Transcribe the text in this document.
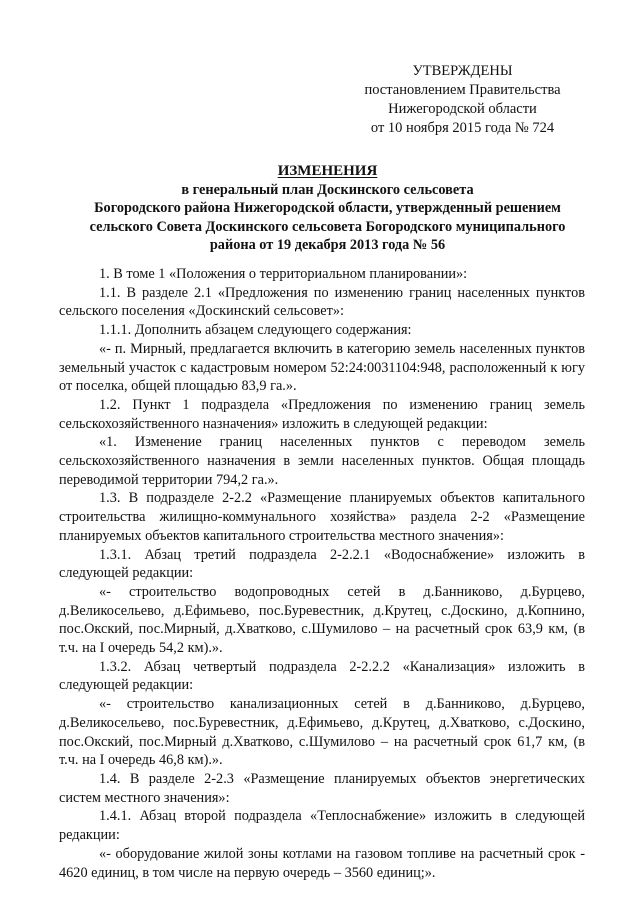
УТВЕРЖДЕНЫ
постановлением Правительства
Нижегородской области
от 10 ноября 2015 года № 724
ИЗМЕНЕНИЯ
в генеральный план Доскинского сельсовета
Богородского района Нижегородской области, утвержденный решением
сельского Совета Доскинского сельсовета Богородского муниципального
района от 19 декабря 2013 года № 56

1. В томе 1 «Положения о территориальном планировании»:

1.1. В разделе 2.1 «Предложения по изменению границ населенных пунктов сельского поселения «Доскинский сельсовет»:

1.1.1. Дополнить абзацем следующего содержания:

«- п. Мирный, предлагается включить в категорию земель населенных пунктов земельный участок с кадастровым номером 52:24:0031104:948, расположенный к югу от поселка, общей площадью 83,9 га.».

1.2. Пункт 1 подраздела «Предложения по изменению границ земель сельскохозяйственного назначения» изложить в следующей редакции:

«1. Изменение границ населенных пунктов с переводом земель сельскохозяйственного назначения в земли населенных пунктов. Общая площадь переводимой территории 794,2 га.».

1.3. В подразделе 2-2.2 «Размещение планируемых объектов капитального строительства жилищно-коммунального хозяйства» раздела 2-2 «Размещение планируемых объектов капитального строительства местного значения»:

1.3.1. Абзац третий подраздела 2-2.2.1 «Водоснабжение» изложить в следующей редакции:

«- строительство водопроводных сетей в д.Банниково, д.Бурцево, д.Великосельево, д.Ефимьево, пос.Буревестник, д.Крутец, с.Доскино, д.Копнино, пос.Окский, пос.Мирный, д.Хватково, с.Шумилово – на расчетный срок 63,9 км, (в т.ч. на I очередь 54,2 км).».

1.3.2. Абзац четвертый подраздела 2-2.2.2 «Канализация» изложить в следующей редакции:

«- строительство канализационных сетей в д.Банниково, д.Бурцево, д.Великосельево, пос.Буревестник, д.Ефимьево, д.Крутец, д.Хватково, с.Доскино, пос.Окский, пос.Мирный д.Хватково, с.Шумилово – на расчетный срок 61,7 км, (в т.ч. на I очередь 46,8 км).».

1.4. В разделе 2-2.3 «Размещение планируемых объектов энергетических систем местного значения»:

1.4.1. Абзац второй подраздела «Теплоснабжение» изложить в следующей редакции:

«- оборудование жилой зоны котлами на газовом топливе на расчетный срок - 4620 единиц, в том числе на первую очередь – 3560 единиц;».
